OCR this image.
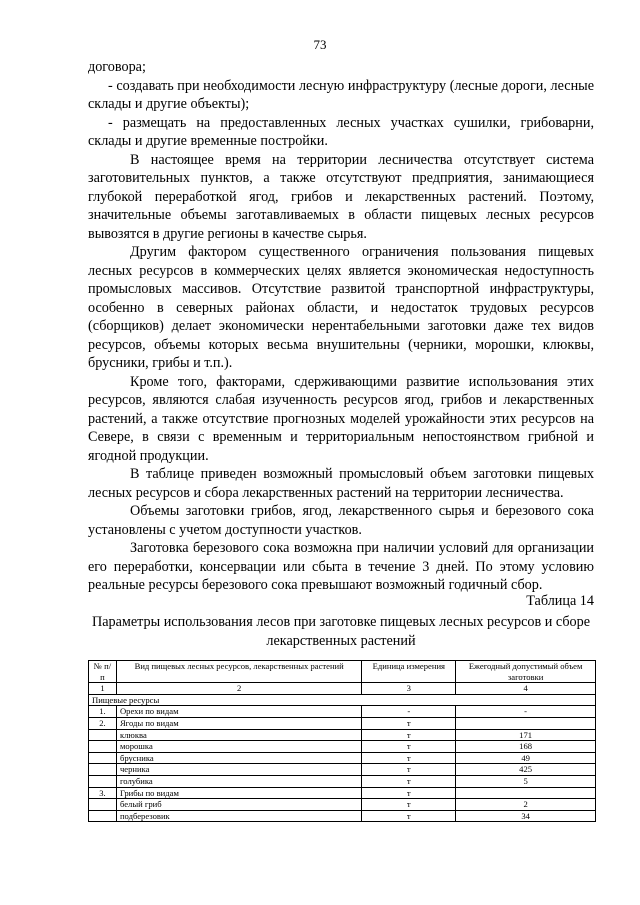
73

договора;

- создавать при необходимости лесную инфраструктуру (лесные дороги, лесные склады и другие объекты);

- размещать на предоставленных лесных участках сушилки, грибоварни, склады и другие временные постройки.

В настоящее время на территории лесничества отсутствует система заготовительных пунктов, а также отсутствуют предприятия, занимающиеся глубокой переработкой ягод, грибов и лекарственных растений. Поэтому, значительные объемы заготавливаемых в области пищевых лесных ресурсов вывозятся в другие регионы в качестве сырья.

Другим фактором существенного ограничения пользования пищевых лесных ресурсов в коммерческих целях является экономическая недоступность промысловых массивов. Отсутствие развитой транспортной инфраструктуры, особенно в северных районах области, и недостаток трудовых ресурсов (сборщиков) делает экономически нерентабельными заготовки даже тех видов ресурсов, объемы которых весьма внушительны (черники, морошки, клюквы, брусники, грибы и т.п.).

Кроме того, факторами, сдерживающими развитие использования этих ресурсов, являются слабая изученность ресурсов ягод, грибов и лекарственных растений, а также отсутствие прогнозных моделей урожайности этих ресурсов на Севере, в связи с временным и территориальным непостоянством грибной и ягодной продукции.

В таблице приведен возможный промысловый объем заготовки пищевых лесных ресурсов и сбора лекарственных растений на территории лесничества.

Объемы заготовки грибов, ягод, лекарственного сырья и березового сока установлены с учетом доступности участков.

Заготовка березового сока возможна при наличии условий для организации его переработки, консервации или сбыта в течение 3 дней. По этому условию реальные ресурсы березового сока превышают возможный годичный сбор.

Таблица 14
Параметры использования лесов при заготовке пищевых лесных ресурсов и сборе лекарственных растений
№ п/п	Вид пищевых лесных ресурсов, лекарственных растений	Единица измерения	Ежегодный допустимый объем заготовки
1	2	3	4
Пищевые ресурсы			
1.	Орехи по видам	-	-
2.	Ягоды по видам	т	
	клюква	т	171
	морошка	т	168
	брусника	т	49
	черника	т	425
	голубика	т	5
3.	Грибы по видам	т	
	белый гриб	т	2
	подберезовик	т	34
